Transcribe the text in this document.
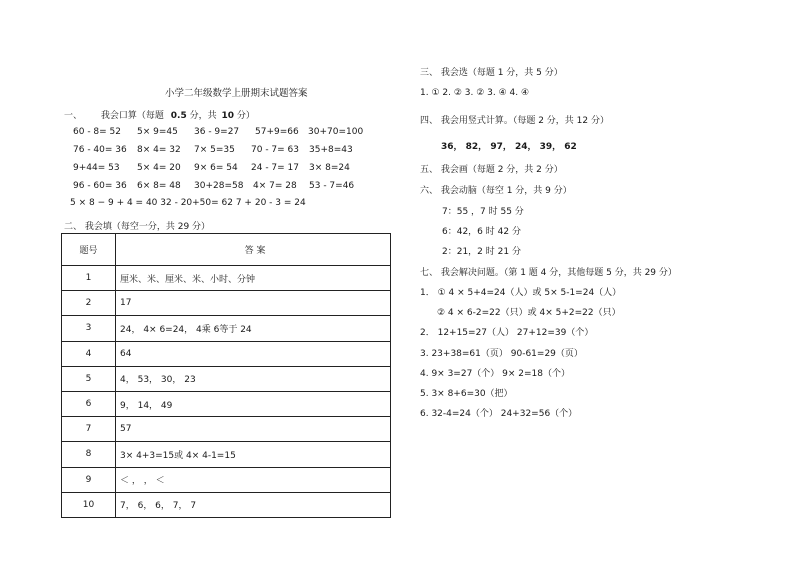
小学二年级数学上册期末试题答案
一、 我会口算（每题 0.5 分，共 10 分）
60 - 8= 52 5× 9=45 36 - 9=27 57+9=66 30+70=100
76 - 40= 36 8× 4= 32 7× 5=35 70 - 7= 63 35+8=43
9+44= 53 5× 4= 20 9× 6= 54 24 - 7= 17 3× 8=24
96 - 60= 36 6× 8= 48 30+28=58 4× 7= 28 53 - 7=46
5 × 8 − 9 + 4 = 40 32 - 20+50= 62 7 + 20 - 3 = 24
二、 我会填（每空一分，共 29 分）
题号	答 案
1	厘米、米、厘米、米、小时、分钟
2	17
3	24， 4× 6=24， 4乘 6等于 24
4	64
5	4， 53， 30， 23
6	9， 14， 49
7	57
8	3× 4+3=15或 4× 4-1=15
9	＜ ， ， ＜
10	7， 6， 6， 7， 7
三、 我会选（每题 1 分，共 5 分）
1. ① 2. ② 3. ② 3. ④ 4. ④
四、 我会用竖式计算。（每题 2 分，共 12 分）
36， 82， 97， 24， 39， 62
五、 我会画（每题 2 分，共 2 分）
六、 我会动脑（每空 1 分，共 9 分）
7：55 ，7 时 55 分
6：42，6 时 42 分
2：21，2 时 21 分
七、 我会解决问题。（第 1 题 4 分，其他每题 5 分，共 29 分）
1． ① 4 × 5+4=24（人）或 5× 5-1=24（人）
② 4 × 6-2=22（只）或 4× 5+2=22（只）
2． 12+15=27（人） 27+12=39（个）
3. 23+38=61（页） 90-61=29（页）
4. 9× 3=27（个） 9× 2=18（个）
5. 3× 8+6=30（把）
6. 32-4=24（个） 24+32=56（个）
